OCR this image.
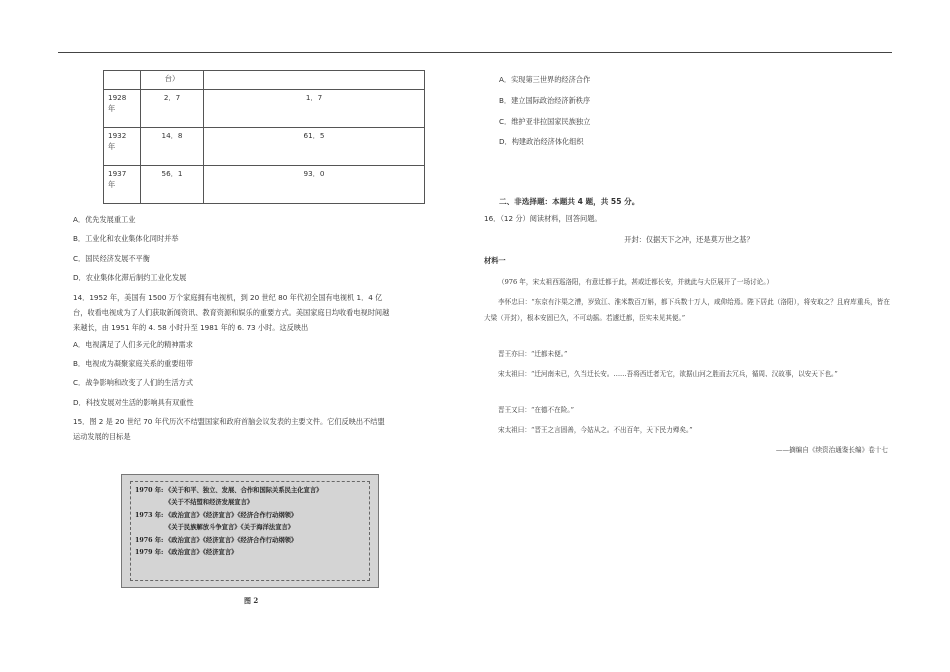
	台）	
1928
年	2．7	1．7
1932
年	14．8	61．5
1937
年	56．1	93．0

A．优先发展重工业

B．工业化和农业集体化同时并举

C．国民经济发展不平衡

D．农业集体化滞后制约工业化发展

14．1952 年，美国有 1500 万个家庭拥有电视机，到 20 世纪 80 年代初全国有电视机 1．4 亿
台，收看电视成为了人们获取新闻资讯、教育资源和娱乐的重要方式。美国家庭日均收看电视时间越
来越长，由 1951 年的 4. 58 小时升至 1981 年的 6. 73 小时。这反映出

A．电视满足了人们多元化的精神需求

B．电视成为凝聚家庭关系的重要纽带

C．战争影响和改变了人们的生活方式

D．科技发展对生活的影响具有双重性

15．图 2 是 20 世纪 70 年代历次不结盟国家和政府首脑会议发表的主要文件。它们反映出不结盟
运动发展的目标是
1970 年: 《关于和平、独立、发展、合作和国际关系民主化宣言》
《关于不结盟和经济发展宣言》
1973 年: 《政治宣言》《经济宣言》《经济合作行动纲领》
《关于民族解放斗争宣言》《关于海洋法宣言》
1976 年: 《政治宣言》《经济宣言》《经济合作行动纲领》
1979 年: 《政治宣言》《经济宣言》
图 2
A．实现第三世界的经济合作
B．建立国际政治经济新秩序
C．维护亚非拉国家民族独立
D．构建政治经济体化组织
二、非选择题：本题共 4 题，共 55 分。
16．（12 分）阅读材料，回答问题。
开封：仅据天下之冲，还是莫万世之基？
材料一
（976 年，宋太祖西巡洛阳，有意迁都于此，甚或迁都长安，并就此与大臣展开了一场讨论。）
李怀忠曰：“东京有汴渠之漕，岁致江、淮米数百万斛，都下兵数十万人，咸仰给焉。陛下居此（洛阳），将安取之？且府库重兵，皆在大梁（开封），根本安固已久，不可动摇。若遽迁都，臣实未见其便。”
晋王亦曰：“迁都未便。”
宋太祖曰：“迁河南未已，久当迁长安。……吾将西迁者无它，欲据山河之胜而去冗兵，循周、汉故事，以安天下也。”
晋王又曰：“在德不在险。”
宋太祖曰：“晋王之言固善，今姑从之。不出百年，天下民力殚矣。”
——摘编自《续资治通鉴长编》卷十七
